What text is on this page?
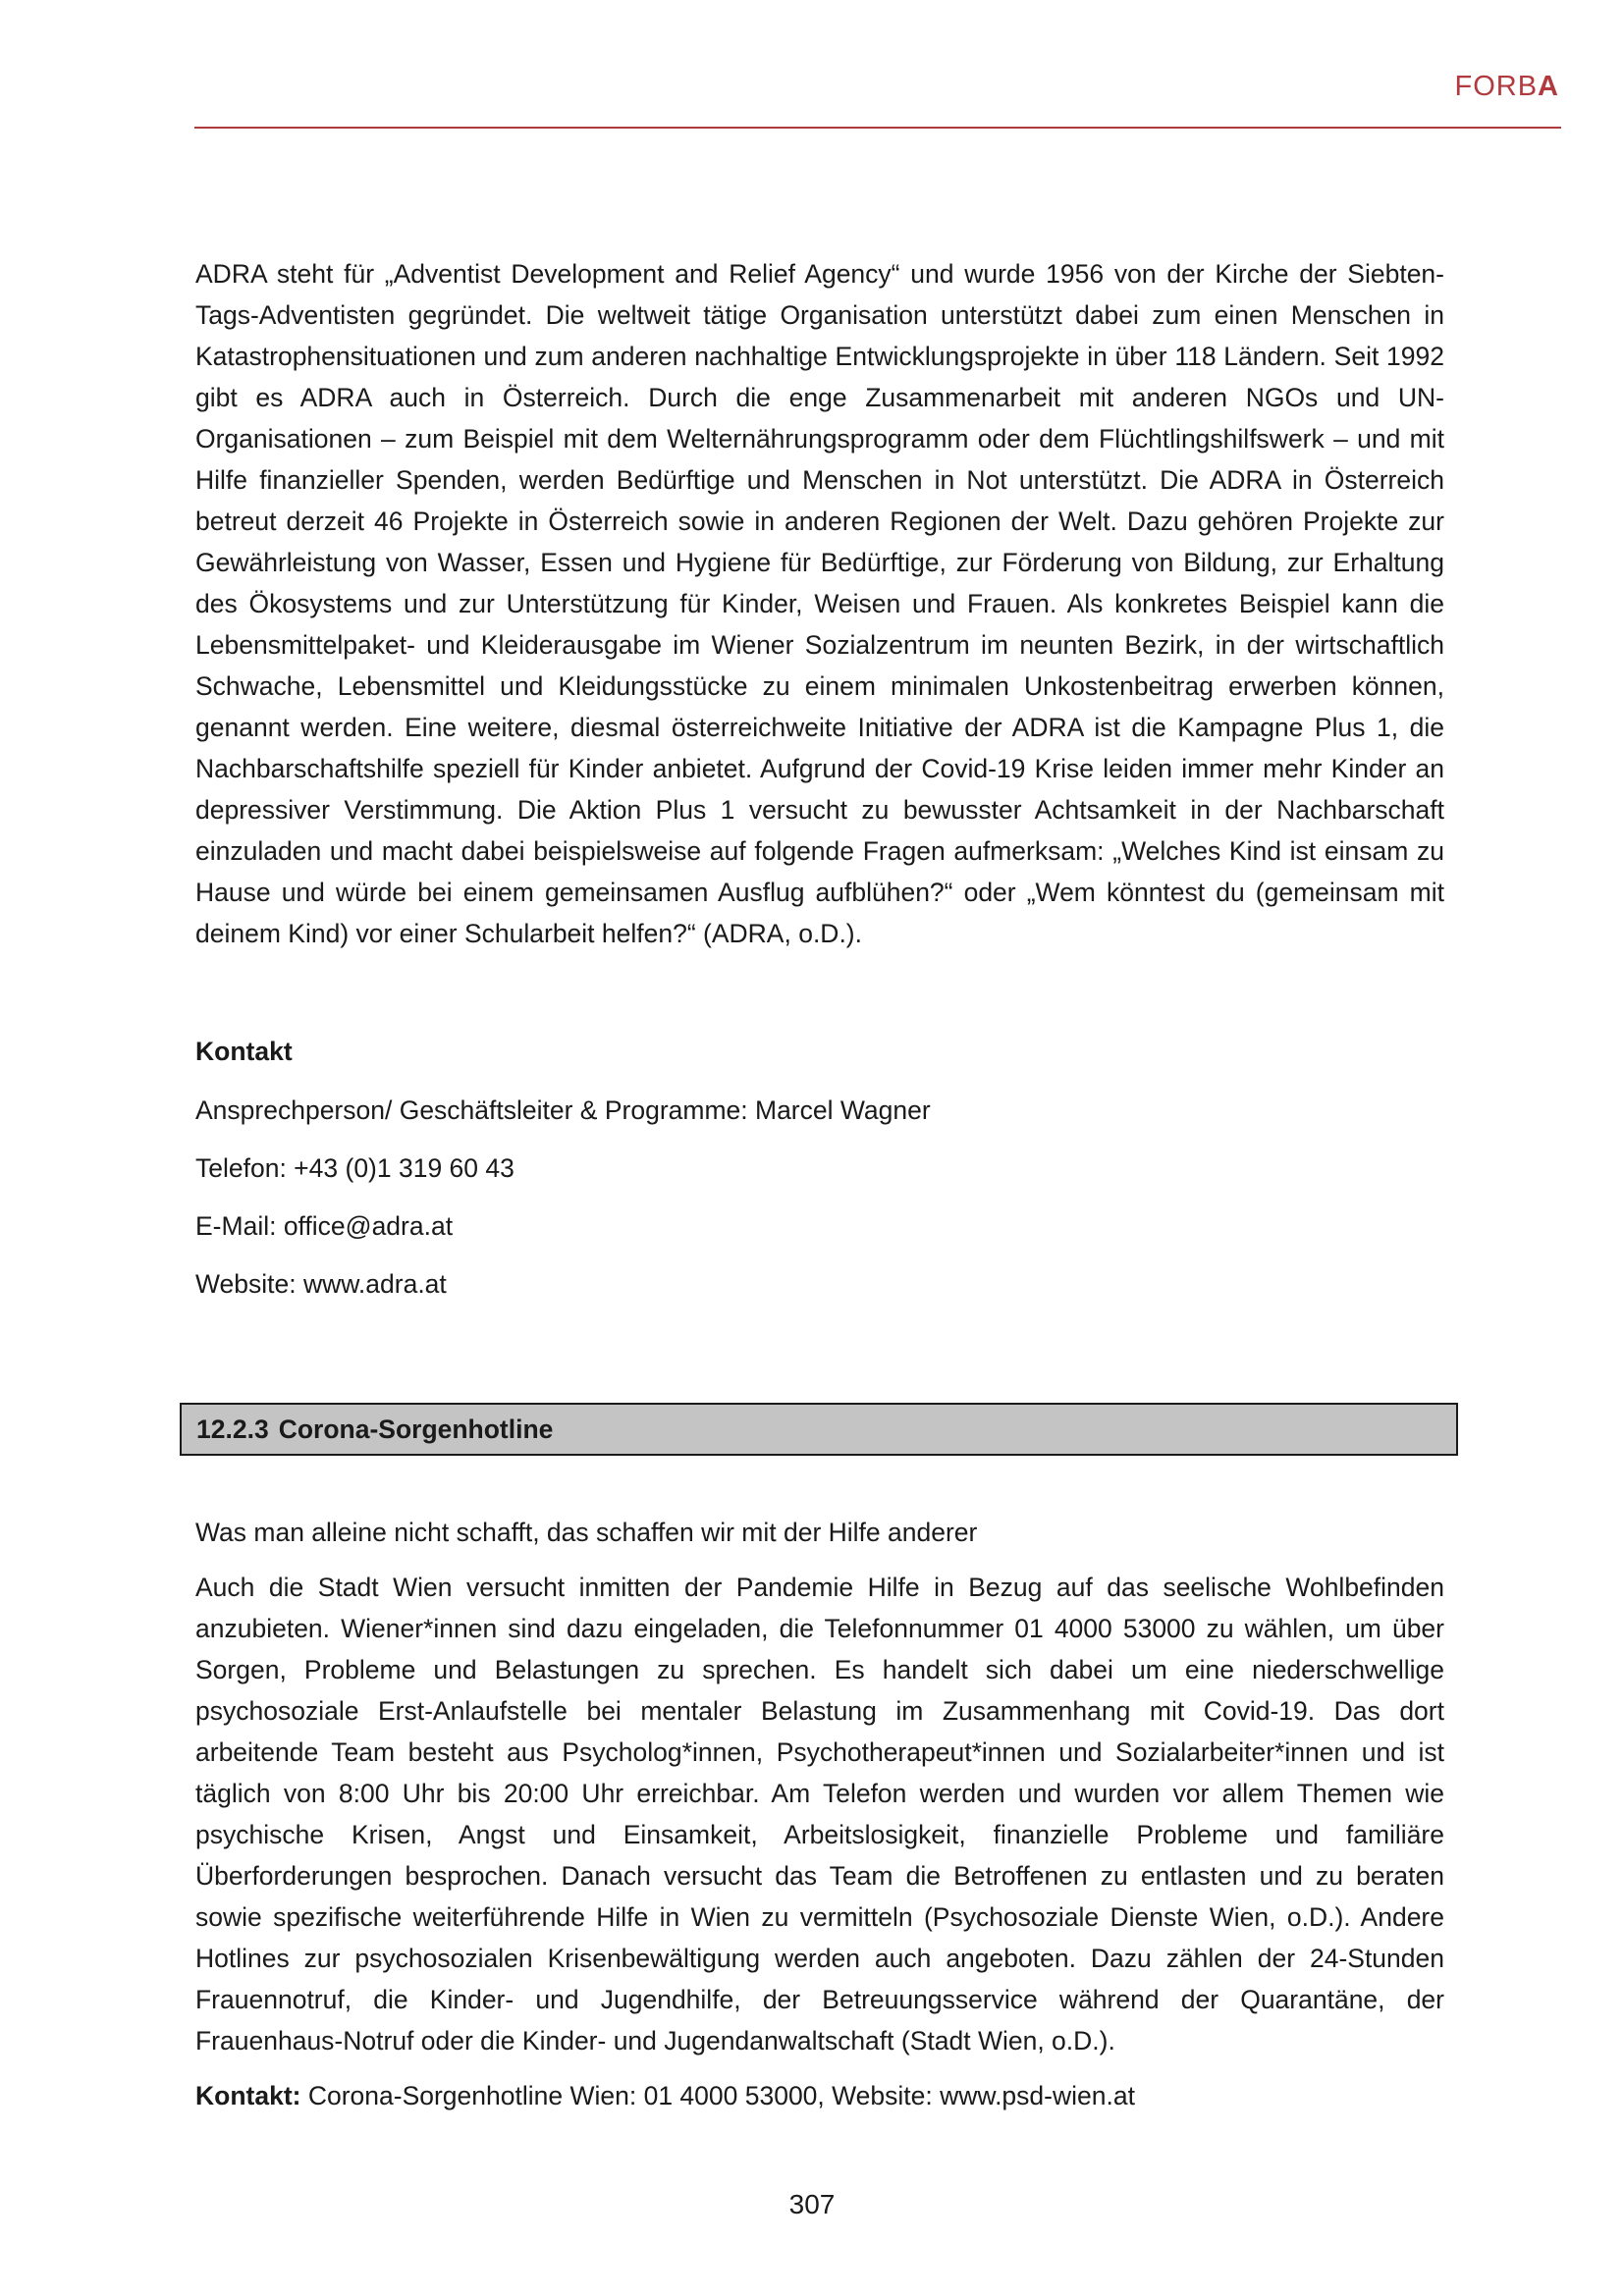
FORBA

ADRA steht für „Adventist Development and Relief Agency“ und wurde 1956 von der Kirche der Siebten-Tags-Adventisten gegründet. Die weltweit tätige Organisation unterstützt dabei zum einen Menschen in Katastrophensituationen und zum anderen nachhaltige Entwicklungsprojekte in über 118 Ländern. Seit 1992 gibt es ADRA auch in Österreich. Durch die enge Zusammenarbeit mit anderen NGOs und UN-Organisationen – zum Beispiel mit dem Welternährungsprogramm oder dem Flüchtlingshilfswerk – und mit Hilfe finanzieller Spenden, werden Bedürftige und Menschen in Not unterstützt. Die ADRA in Österreich betreut derzeit 46 Projekte in Österreich sowie in anderen Regionen der Welt. Dazu gehören Projekte zur Gewährleistung von Wasser, Essen und Hygiene für Bedürftige, zur Förderung von Bildung, zur Erhaltung des Ökosystems und zur Unterstützung für Kinder, Weisen und Frauen. Als konkretes Beispiel kann die Lebensmittelpaket- und Kleiderausgabe im Wiener Sozialzentrum im neunten Bezirk, in der wirtschaftlich Schwache, Lebensmittel und Kleidungsstücke zu einem minimalen Unkostenbeitrag erwerben können, genannt werden. Eine weitere, diesmal österreichweite Initiative der ADRA ist die Kampagne Plus 1, die Nachbarschaftshilfe speziell für Kinder anbietet. Aufgrund der Covid-19 Krise leiden immer mehr Kinder an depressiver Verstimmung. Die Aktion Plus 1 versucht zu bewusster Achtsamkeit in der Nachbarschaft einzuladen und macht dabei beispielsweise auf folgende Fragen aufmerksam: „Welches Kind ist einsam zu Hause und würde bei einem gemeinsamen Ausflug aufblühen?“ oder „Wem könntest du (gemeinsam mit deinem Kind) vor einer Schularbeit helfen?“ (ADRA, o.D.).

Kontakt

Ansprechperson/ Geschäftsleiter & Programme: Marcel Wagner

Telefon: +43 (0)1 319 60 43

E-Mail: office@adra.at

Website: www.adra.at

12.2.3 Corona-Sorgenhotline

Was man alleine nicht schafft, das schaffen wir mit der Hilfe anderer

Auch die Stadt Wien versucht inmitten der Pandemie Hilfe in Bezug auf das seelische Wohlbefinden anzubieten. Wiener*innen sind dazu eingeladen, die Telefonnummer 01 4000 53000 zu wählen, um über Sorgen, Probleme und Belastungen zu sprechen. Es handelt sich dabei um eine niederschwellige psychosoziale Erst-Anlaufstelle bei mentaler Belastung im Zusammenhang mit Covid-19. Das dort arbeitende Team besteht aus Psycholog*innen, Psychotherapeut*innen und Sozialarbeiter*innen und ist täglich von 8:00 Uhr bis 20:00 Uhr erreichbar. Am Telefon werden und wurden vor allem Themen wie psychische Krisen, Angst und Einsamkeit, Arbeitslosigkeit, finanzielle Probleme und familiäre Überforderungen besprochen. Danach versucht das Team die Betroffenen zu entlasten und zu beraten sowie spezifische weiterführende Hilfe in Wien zu vermitteln (Psychosoziale Dienste Wien, o.D.). Andere Hotlines zur psychosozialen Krisenbewältigung werden auch angeboten. Dazu zählen der 24-Stunden Frauennotruf, die Kinder- und Jugendhilfe, der Betreuungsservice während der Quarantäne, der Frauenhaus-Notruf oder die Kinder- und Jugendanwaltschaft (Stadt Wien, o.D.).

Kontakt: Corona-Sorgenhotline Wien: 01 4000 53000, Website: www.psd-wien.at

307
